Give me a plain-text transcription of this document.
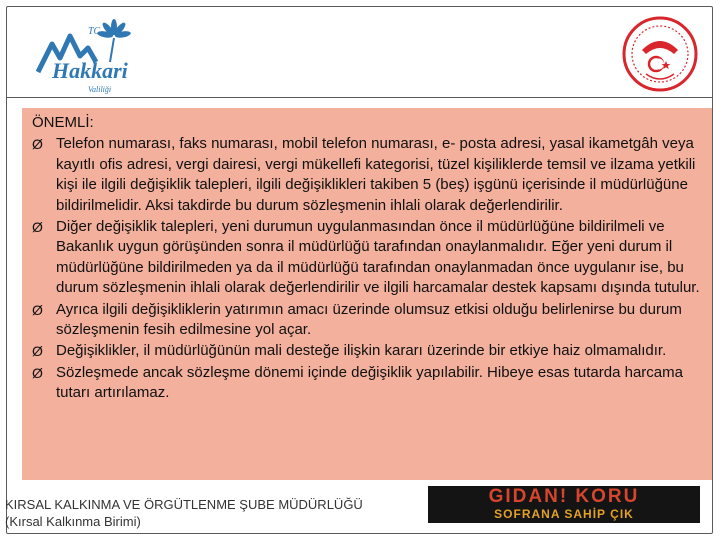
TC
Hakkari
Valiliği
ÖNEMLİ:
Ø Telefon numarası, faks numarası, mobil telefon numarası, e- posta adresi, yasal ikametgâh veya kayıtlı ofis adresi, vergi dairesi, vergi mükellefi kategorisi, tüzel kişiliklerde temsil ve ilzama yetkili kişi ile ilgili değişiklik talepleri, ilgili değişiklikleri takiben 5 (beş) işgünü içerisinde il müdürlüğüne bildirilmelidir. Aksi takdirde bu durum sözleşmenin ihlali olarak değerlendirilir.
Ø Diğer değişiklik talepleri, yeni durumun uygulanmasından önce il müdürlüğüne bildirilmeli ve Bakanlık uygun görüşünden sonra il müdürlüğü tarafından onaylanmalıdır. Eğer yeni durum il müdürlüğüne bildirilmeden ya da il müdürlüğü tarafından onaylanmadan önce uygulanır ise, bu durum sözleşmenin ihlali olarak değerlendirilir ve ilgili harcamalar destek kapsamı dışında tutulur.
Ø Ayrıca ilgili değişikliklerin yatırımın amacı üzerinde olumsuz etkisi olduğu belirlenirse bu durum sözleşmenin fesih edilmesine yol açar.
Ø Değişiklikler, il müdürlüğünün mali desteğe ilişkin kararı üzerinde bir etkiye haiz olmamalıdır.
Ø Sözleşmede ancak sözleşme dönemi içinde değişiklik yapılabilir. Hibeye esas tutarda harcama tutarı artırılamaz.
KIRSAL KALKINMA VE ÖRGÜTLENME ŞUBE MÜDÜRLÜĞÜ
(Kırsal Kalkınma Birimi)
GIDAN! KORU
SOFRANA SAHİP ÇIK
